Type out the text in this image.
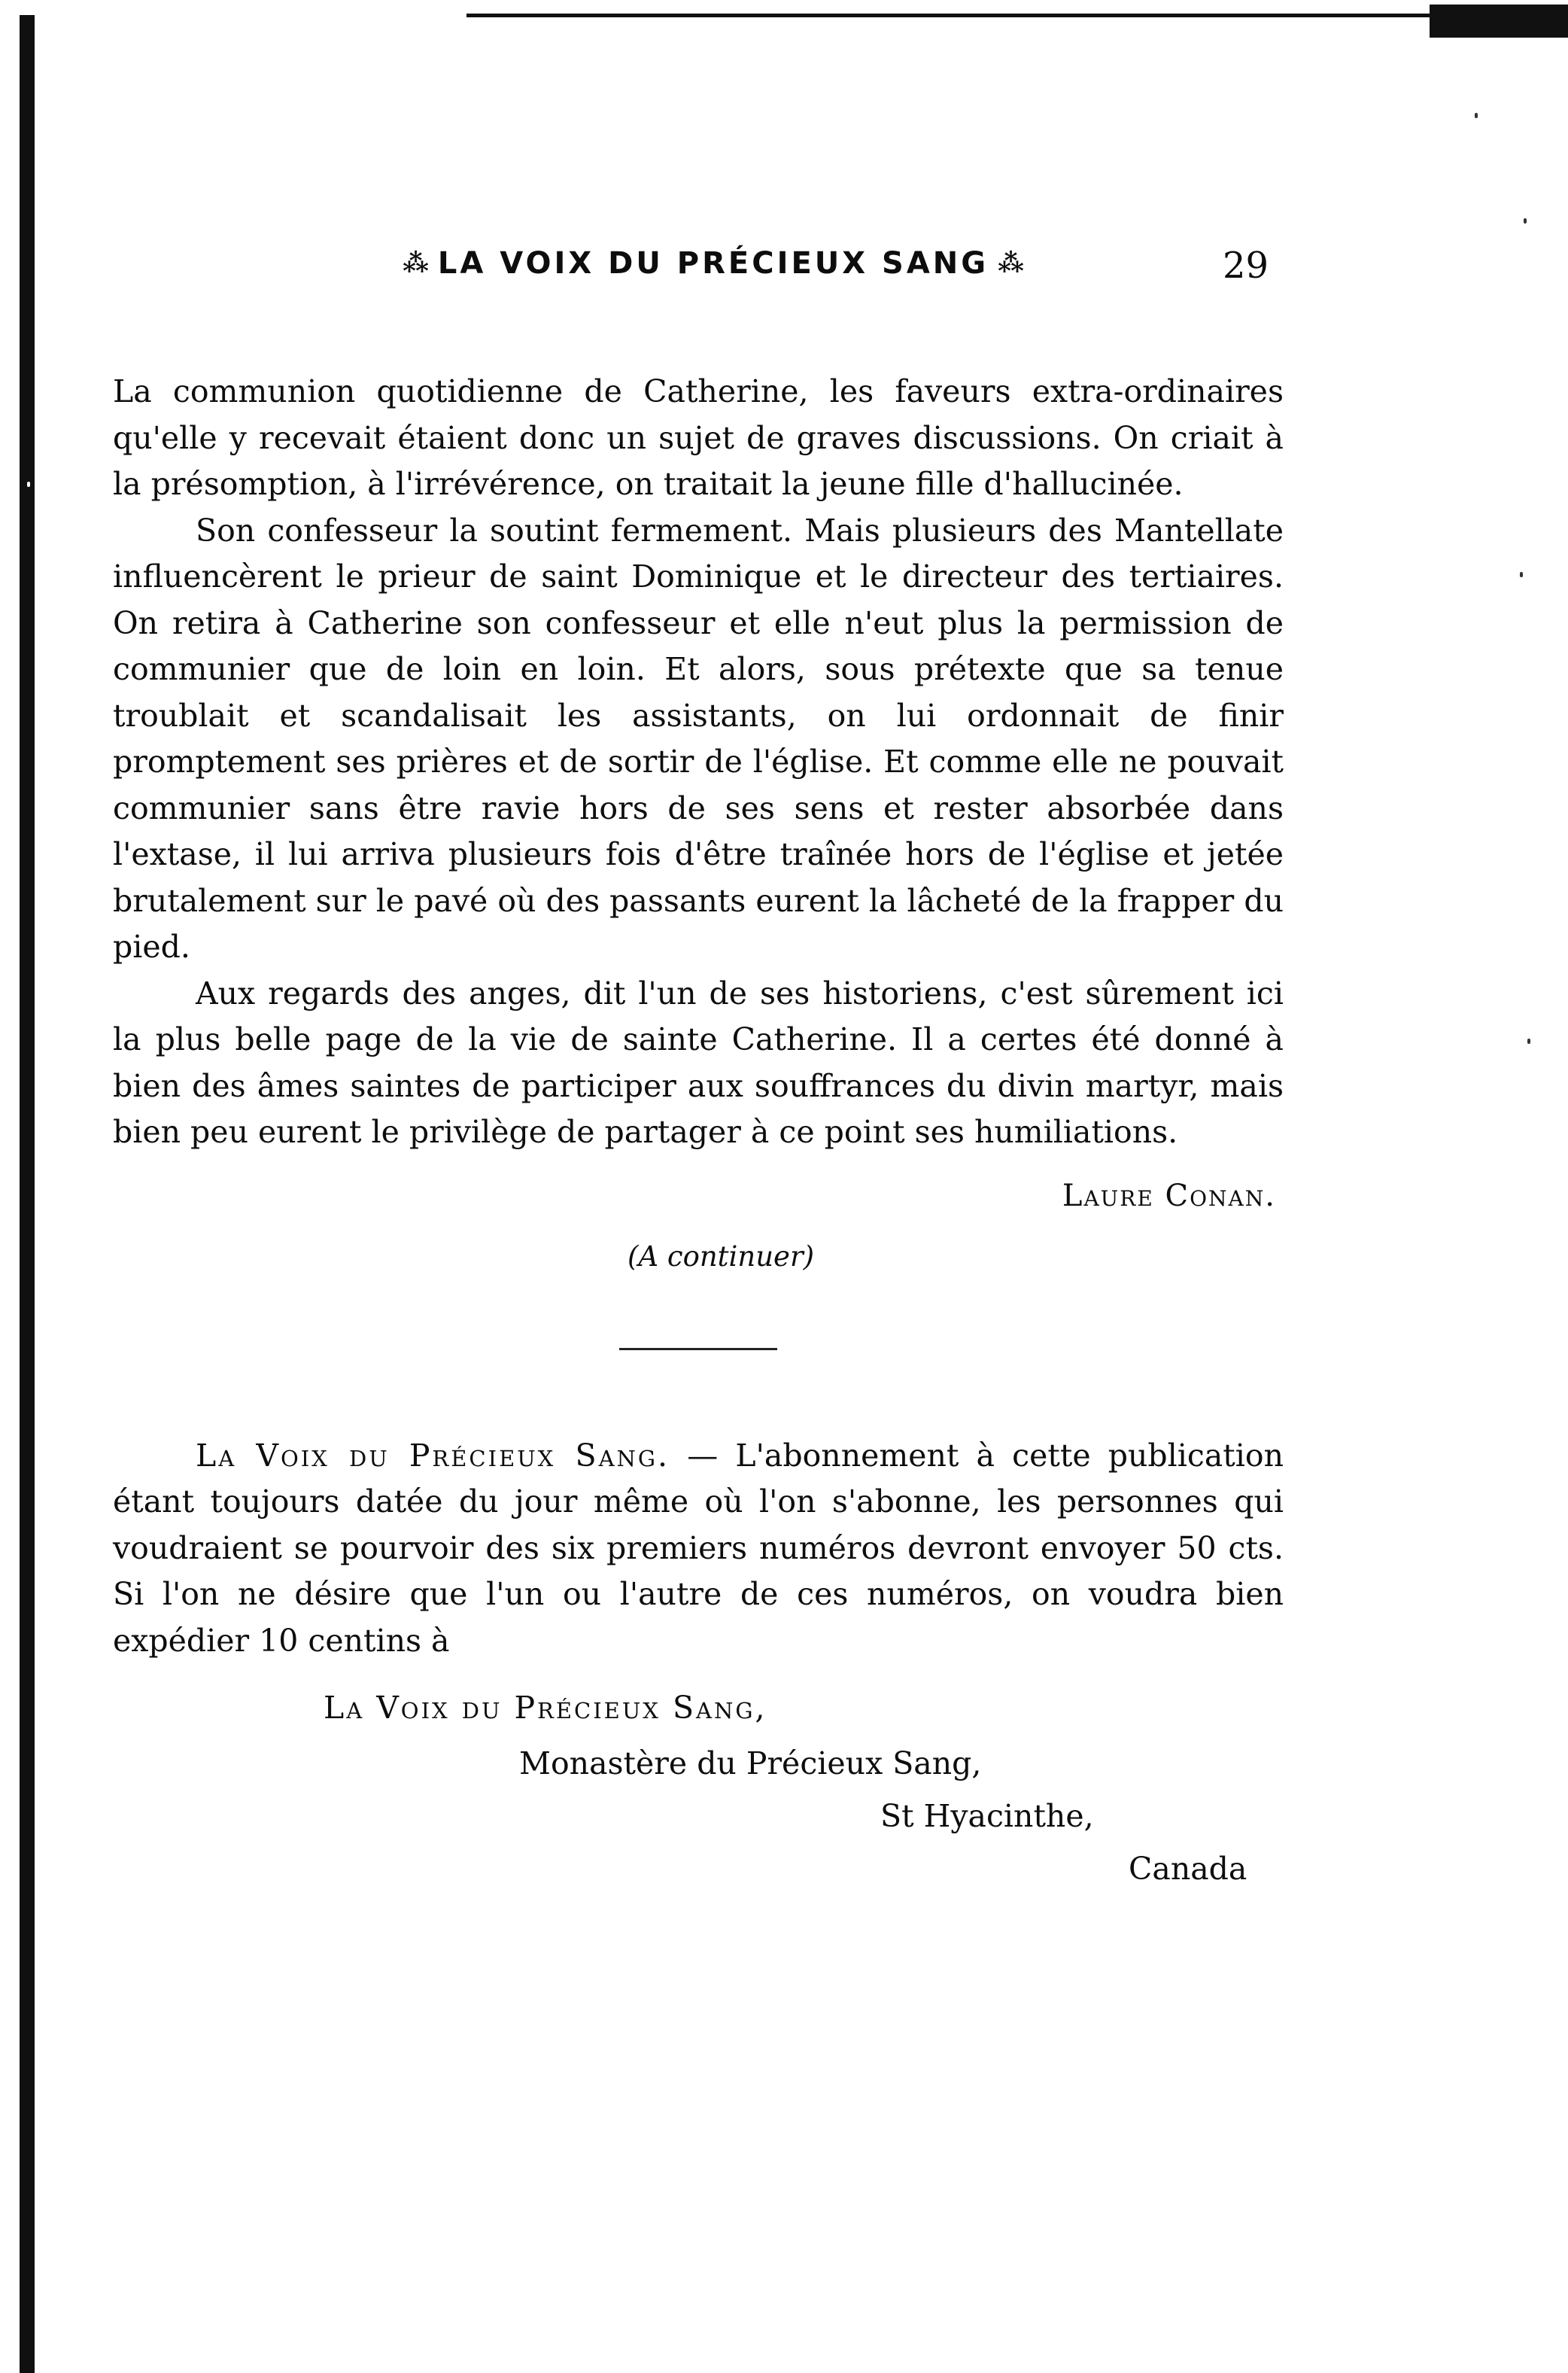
⁂ LA VOIX DU PRÉCIEUX SANG ⁂	29

La communion quotidienne de Catherine, les faveurs extra-ordinaires qu'elle y recevait étaient donc un sujet de graves discussions. On criait à la présomption, à l'irrévérence, on traitait la jeune fille d'hallucinée.

Son confesseur la soutint fermement. Mais plusieurs des Mantellate influencèrent le prieur de saint Dominique et le directeur des tertiaires. On retira à Catherine son confesseur et elle n'eut plus la permission de communier que de loin en loin. Et alors, sous prétexte que sa tenue troublait et scandalisait les assistants, on lui ordonnait de finir promptement ses prières et de sortir de l'église. Et comme elle ne pouvait communier sans être ravie hors de ses sens et rester absorbée dans l'extase, il lui arriva plusieurs fois d'être traînée hors de l'église et jetée brutalement sur le pavé où des passants eurent la lâcheté de la frapper du pied.

Aux regards des anges, dit l'un de ses historiens, c'est sûrement ici la plus belle page de la vie de sainte Catherine. Il a certes été donné à bien des âmes saintes de participer aux souffrances du divin martyr, mais bien peu eurent le privilège de partager à ce point ses humiliations.

Laure Conan.
(A continuer)

La Voix du Précieux Sang. — L'abonnement à cette publication étant toujours datée du jour même où l'on s'abonne, les personnes qui voudraient se pourvoir des six premiers numéros devront envoyer 50 cts. Si l'on ne désire que l'un ou l'autre de ces numéros, on voudra bien expédier 10 centins à

La Voix du Précieux Sang,
Monastère du Précieux Sang,
St Hyacinthe,
Canada
